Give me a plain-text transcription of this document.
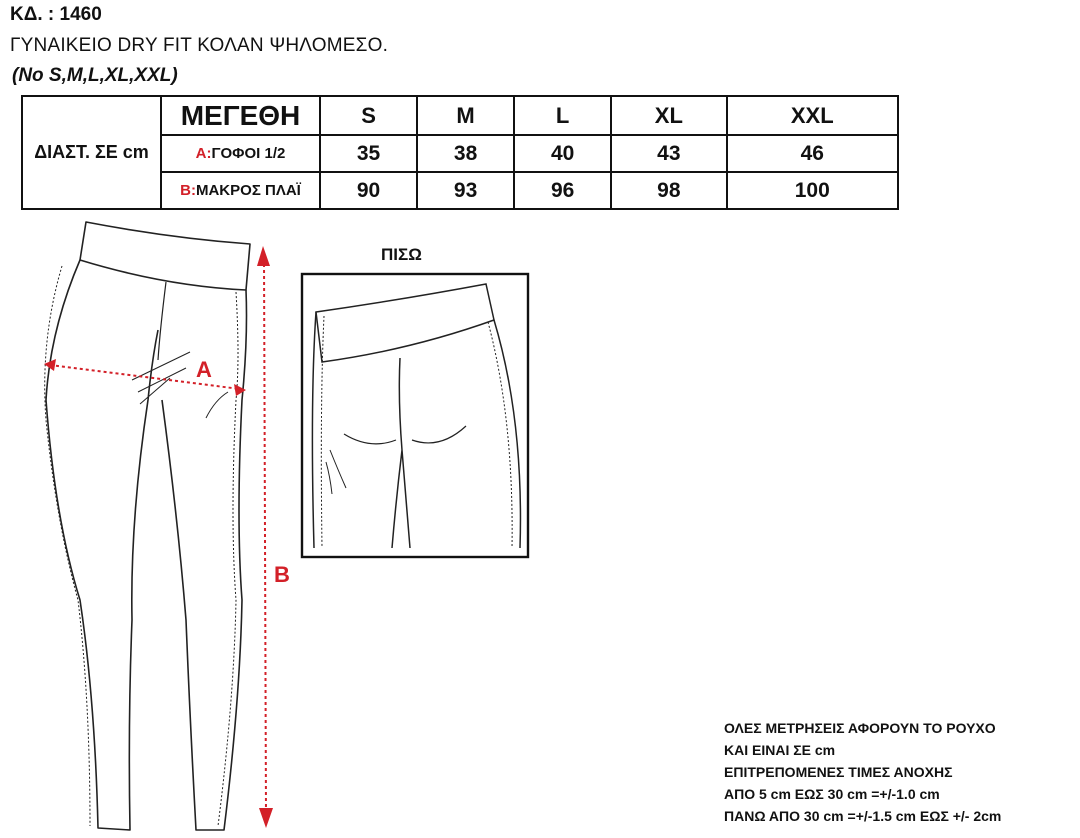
ΚΔ. : 1460
ΓΥΝΑΙΚΕΙΟ DRY FIT ΚΟΛΑΝ ΨΗΛΟΜΕΣΟ.
(No S,M,L,XL,XXL)
ΔΙΑΣΤ. ΣΕ cm	ΜΕΓΕΘΗ	S	M	L	XL	XXL
	A:ΓΟΦΟΙ 1/2	35	38	40	43	46
	B:ΜΑΚΡΟΣ ΠΛΑΪ	90	93	96	98	100
A
B
ΠΙΣΩ
ΟΛΕΣ ΜΕΤΡΗΣΕΙΣ ΑΦΟΡΟΥΝ ΤΟ ΡΟΥΧΟ
ΚΑΙ ΕΙΝΑΙ ΣΕ cm
ΕΠΙΤΡΕΠΟΜΕΝΕΣ ΤΙΜΕΣ ΑΝΟΧΗΣ
ΑΠΟ 5 cm ΕΩΣ 30 cm =+/-1.0 cm
ΠΑΝΩ ΑΠΟ 30 cm =+/-1.5 cm ΕΩΣ +/- 2cm
